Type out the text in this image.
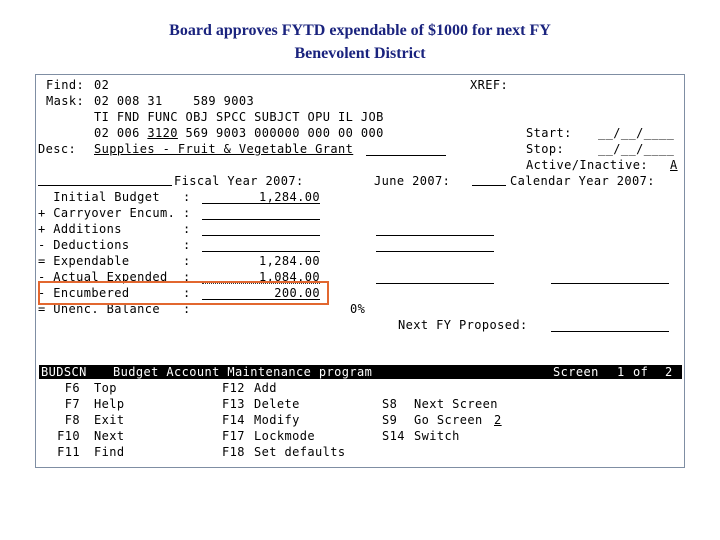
Board approves FYTD expendable of $1000 for next FY
Benevolent District
Find: 02	XREF:
Mask: 02 008 31    589 9003
TI FND FUNC OBJ SPCC SUBJCT OPU IL JOB
02 006 3120 569 9003 000000 000 00 000	Start: __/__/____
Desc: Supplies - Fruit & Vegetable Grant	Stop:	__/__/____
Active/Inactive: A
Fiscal Year 2007:	June 2007:	Calendar Year 2007:
Initial Budget :	1,284.00
+ Carryover Encum. :
+ Additions	:
- Deductions	:
= Expendable	:	1,284.00
- Actual Expended :	1,084.00
- Encumbered	:	200.00
= Unenc. Balance :	0%
Next FY Proposed:
BUDSCN Budget Account Maintenance program	Screen 1 of 2
F6 Top
F7 Help
F8 Exit
F10 Next
F11 Find
F12 Add
F13 Delete
F14 Modify
F17 Lockmode
F18 Set defaults
S8 Next Screen
S9 Go Screen 2
S14 Switch
